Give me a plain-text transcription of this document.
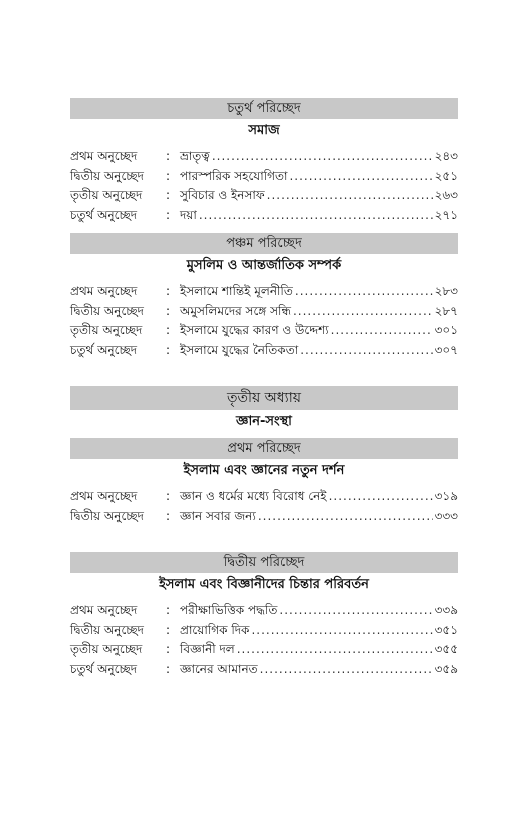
চতুর্থ পরিচ্ছেদ
সমাজ
প্রথম অনুচ্ছেদ	: ভ্রাতৃত্ব .....	২৪৩
দ্বিতীয় অনুচ্ছেদ	: পারস্পরিক সহযোগিতা .....	২৫১
তৃতীয় অনুচ্ছেদ	: সুবিচার ও ইনসাফ .....	২৬৩
চতুর্থ অনুচ্ছেদ	: দয়া .....	২৭১
পঞ্চম পরিচ্ছেদ
মুসলিম ও আন্তর্জাতিক সম্পর্ক
প্রথম অনুচ্ছেদ	: ইসলামে শান্তিই মূলনীতি .....	২৮৩
দ্বিতীয় অনুচ্ছেদ	: অমুসলিমদের সঙ্গে সন্ধি .....	২৮৭
তৃতীয় অনুচ্ছেদ	: ইসলামে যুদ্ধের কারণ ও উদ্দেশ্য .....	৩০১
চতুর্থ অনুচ্ছেদ	: ইসলামে যুদ্ধের নৈতিকতা .....	৩০৭
তৃতীয় অধ্যায়
জ্ঞান-সংস্থা
প্রথম পরিচ্ছেদ
ইসলাম এবং জ্ঞানের নতুন দর্শন
প্রথম অনুচ্ছেদ	: জ্ঞান ও ধর্মের মধ্যে বিরোধ নেই .....	৩১৯
দ্বিতীয় অনুচ্ছেদ	: জ্ঞান সবার জন্য .....	৩৩৩
দ্বিতীয় পরিচ্ছেদ
ইসলাম এবং বিজ্ঞানীদের চিন্তার পরিবর্তন
প্রথম অনুচ্ছেদ	: পরীক্ষাভিত্তিক পদ্ধতি .....	৩৩৯
দ্বিতীয় অনুচ্ছেদ	: প্রায়োগিক দিক .....	৩৫১
তৃতীয় অনুচ্ছেদ	: বিজ্ঞানী দল .....	৩৫৫
চতুর্থ অনুচ্ছেদ	: জ্ঞানের আমানত .....	৩৫৯
